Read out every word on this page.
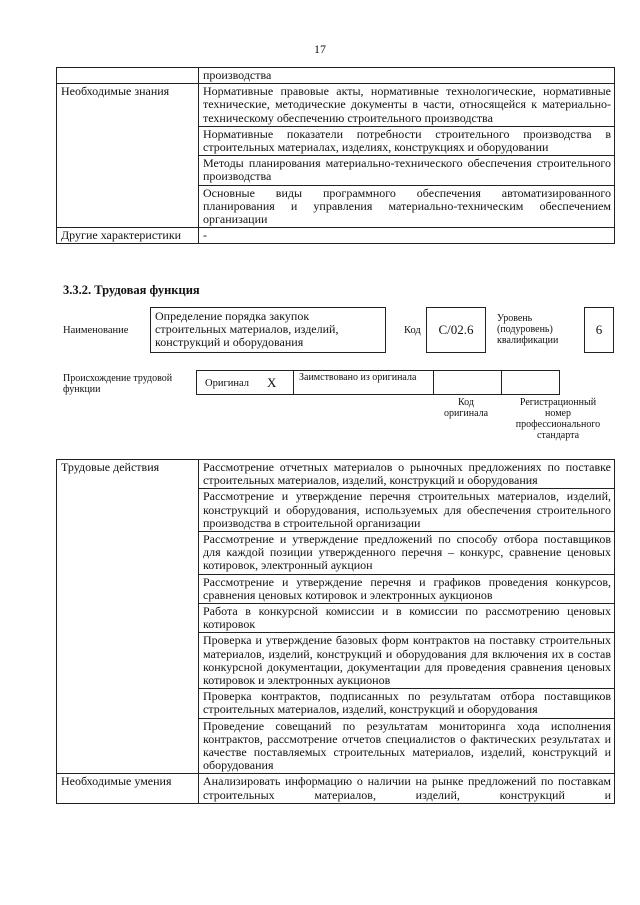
17
	производства
Необходимые знания	Нормативные правовые акты, нормативные технологические, нормативные технические, методические документы в части, относящейся к материально-техническому обеспечению строительного производства
	Нормативные показатели потребности строительного производства в строительных материалах, изделиях, конструкциях и оборудовании
	Методы планирования материально-технического обеспечения строительного производства
	Основные виды программного обеспечения автоматизированного планирования и управления материально-техническим обеспечением организации
Другие характеристики	-
3.3.2. Трудовая функция
Наименование
Определение порядка закупок строительных материалов, изделий, конструкций и оборудования
Код	С/02.6
Уровень (подуровень) квалификации
6
Происхождение трудовой функции
Оригинал X Заимствовано из оригинала
Код оригинала
Регистрационный номер профессионального стандарта
Трудовые действия	Рассмотрение отчетных материалов о рыночных предложениях по поставке строительных материалов, изделий, конструкций и оборудования
	Рассмотрение и утверждение перечня строительных материалов, изделий, конструкций и оборудования, используемых для обеспечения строительного производства в строительной организации
	Рассмотрение и утверждение предложений по способу отбора поставщиков для каждой позиции утвержденного перечня – конкурс, сравнение ценовых котировок, электронный аукцион
	Рассмотрение и утверждение перечня и графиков проведения конкурсов, сравнения ценовых котировок и электронных аукционов
	Работа в конкурсной комиссии и в комиссии по рассмотрению ценовых котировок
	Проверка и утверждение базовых форм контрактов на поставку строительных материалов, изделий, конструкций и оборудования для включения их в состав конкурсной документации, документации для проведения сравнения ценовых котировок и электронных аукционов
	Проверка контрактов, подписанных по результатам отбора поставщиков строительных материалов, изделий, конструкций и оборудования
	Проведение совещаний по результатам мониторинга хода исполнения контрактов, рассмотрение отчетов специалистов о фактических результатах и качестве поставляемых строительных материалов, изделий, конструкций и оборудования
Необходимые умения	Анализировать информацию о наличии на рынке предложений по поставкам строительных материалов, изделий, конструкций и
